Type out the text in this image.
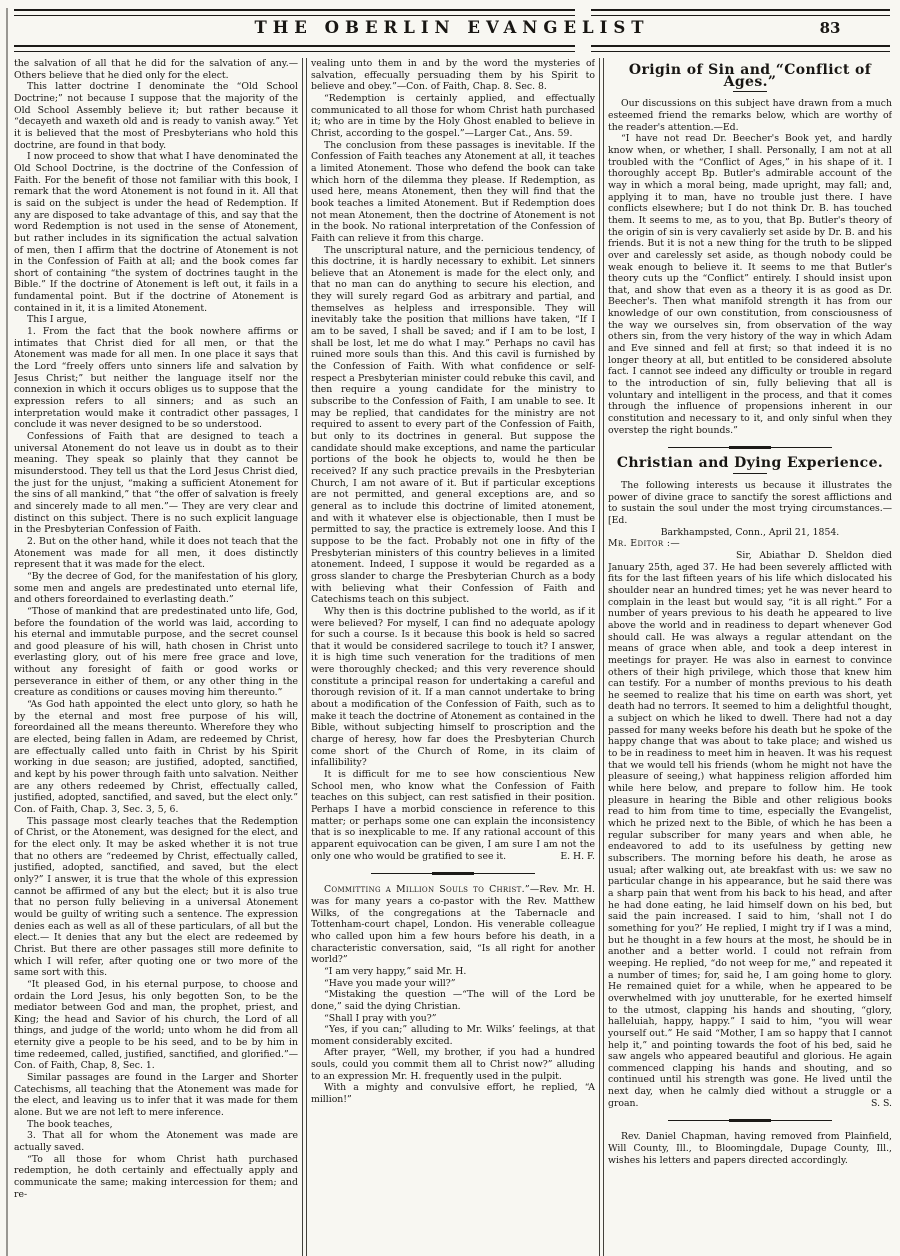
THE OBERLIN EVANGELIST	83

the salvation of all that he did for the salvation of any.— Others believe that he died only for the elect.

This latter doctrine I denominate the “Old School Doctrine;” not because I suppose that the majority of the Old School Assembly believe it; but rather because it “decayeth and waxeth old and is ready to vanish away.” Yet it is believed that the most of Presbyterians who hold this doctrine, are found in that body.

I now proceed to show that what I have denominated the Old School Doctrine, is the doctrine of the Confession of Faith. For the benefit of those not familiar with this book, I remark that the word Atonement is not found in it. All that is said on the subject is under the head of Redemption. If any are disposed to take advantage of this, and say that the word Redemption is not used in the sense of Atonement, but rather includes in its signification the actual salvation of men, then I affirm that the doctrine of Atonement is not in the Confession of Faith at all; and the book comes far short of containing “the system of doctrines taught in the Bible.” If the doctrine of Atonement is left out, it fails in a fundamental point. But if the doctrine of Atonement is contained in it, it is a limited Atonement.

This I argue,

1. From the fact that the book nowhere affirms or intimates that Christ died for all men, or that the Atonement was made for all men. In one place it says that the Lord “freely offers unto sinners life and salvation by Jesus Christ;” but neither the language itself nor the connexion in which it occurs obliges us to suppose that the expression refers to all sinners; and as such an interpretation would make it contradict other passages, I conclude it was never designed to be so understood.

Confessions of Faith that are designed to teach a universal Atonement do not leave us in doubt as to their meaning. They speak so plainly that they cannot be misunderstood. They tell us that the Lord Jesus Christ died, the just for the unjust, “making a sufficient Atonement for the sins of all mankind,” that “the offer of salvation is freely and sincerely made to all men.”— They are very clear and distinct on this subject. There is no such explicit language in the Presbyterian Confession of Faith.

2. But on the other hand, while it does not teach that the Atonement was made for all men, it does distinctly represent that it was made for the elect.

“By the decree of God, for the manifestation of his glory, some men and angels are predestinated unto eternal life, and others foreordained to everlasting death.”

“Those of mankind that are predestinated unto life, God, before the foundation of the world was laid, according to his eternal and immutable purpose, and the secret counsel and good pleasure of his will, hath chosen in Christ unto everlasting glory, out of his mere free grace and love, without any foresight of faith or good works or perseverance in either of them, or any other thing in the creature as conditions or causes moving him thereunto.”

“As God hath appointed the elect unto glory, so hath he by the eternal and most free purpose of his will, foreordained all the means thereunto. Wherefore they who are elected, being fallen in Adam, are redeemed by Christ, are effectually called unto faith in Christ by his Spirit working in due season; are justified, adopted, sanctified, and kept by his power through faith unto salvation. Neither are any others redeemed by Christ, effectually called, justified, adopted, sanctified, and saved, but the elect only.” Con. of Faith, Chap. 3, Sec. 3, 5, 6.

This passage most clearly teaches that the Redemption of Christ, or the Atonement, was designed for the elect, and for the elect only. It may be asked whether it is not true that no others are “redeemed by Christ, effectually called, justified, adopted, sanctified, and saved, but the elect only?” I answer, it is true that the whole of this expression cannot be affirmed of any but the elect; but it is also true that no person fully believing in a universal Atonement would be guilty of writing such a sentence. The expression denies each as well as all of these particulars, of all but the elect.— It denies that any but the elect are redeemed by Christ. But there are other passages still more definite to which I will refer, after quoting one or two more of the same sort with this.

“It pleased God, in his eternal purpose, to choose and ordain the Lord Jesus, his only begotten Son, to be the mediator between God and man, the prophet, priest, and King; the head and Savior of his church, the Lord of all things, and judge of the world; unto whom he did from all eternity give a people to be his seed, and to be by him in time redeemed, called, justified, sanctified, and glorified.”—Con. of Faith, Chap, 8, Sec. 1.

Similar passages are found in the Larger and Shorter Catechisms, all teaching that the Atonement was made for the elect, and leaving us to infer that it was made for them alone. But we are not left to mere inference.

The book teaches,

3. That all for whom the Atonement was made are actually saved.

“To all those for whom Christ hath purchased redemption, he doth certainly and effectually apply and communicate the same; making intercession for them; and re-

vealing unto them in and by the word the mysteries of salvation, effecually persuading them by his Spirit to believe and obey.”—Con. of Faith, Chap. 8. Sec. 8.

“Redemption is certainly applied, and effectually communicated to all those for whom Christ hath purchased it; who are in time by the Holy Ghost enabled to believe in Christ, according to the gospel.”—Larger Cat., Ans. 59.

The conclusion from these passages is inevitable. If the Confession of Faith teaches any Atonement at all, it teaches a limited Atonement. Those who defend the book can take which horn of the dilemma they please. If Redemption, as used here, means Atonement, then they will find that the book teaches a limited Atonement. But if Redemption does not mean Atonement, then the doctrine of Atonement is not in the book. No rational interpretation of the Confession of Faith can relieve it from this charge.

The unscriptural nature, and the pernicious tendency, of this doctrine, it is hardly necessary to exhibit. Let sinners believe that an Atonement is made for the elect only, and that no man can do anything to secure his election, and they will surely regard God as arbitrary and partial, and themselves as helpless and irresponsible. They will inevitably take the position that millions have taken, “If I am to be saved, I shall be saved; and if I am to be lost, I shall be lost, let me do what I may.” Perhaps no cavil has ruined more souls than this. And this cavil is furnished by the Confession of Faith. With what confidence or self-respect a Presbyterian minister could rebuke this cavil, and then require a young candidate for the ministry to subscribe to the Confession of Faith, I am unable to see. It may be replied, that candidates for the ministry are not required to assent to every part of the Confession of Faith, but only to its doctrines in general. But suppose the candidate should make exceptions, and name the particular portions of the book he objects to, would he then be received? If any such practice prevails in the Presbyterian Church, I am not aware of it. But if particular exceptions are not permitted, and general exceptions are, and so general as to include this doctrine of limited atonement, and with it whatever else is objectionable, then I must be permitted to say, the practice is extremely loose. And this I suppose to be the fact. Probably not one in fifty of the Presbyterian ministers of this country believes in a limited atonement. Indeed, I suppose it would be regarded as a gross slander to charge the Presbyterian Church as a body with believing what their Confession of Faith and Catechisms teach on this subject.

Why then is this doctrine published to the world, as if it were believed? For myself, I can find no adequate apology for such a course. Is it because this book is held so sacred that it would be considered sacrilege to touch it? I answer, it is high time such veneration for the traditions of men were thoroughly checked; and this very reverence should constitute a principal reason for undertaking a careful and thorough revision of it. If a man cannot undertake to bring about a modification of the Confession of Faith, such as to make it teach the doctrine of Atonement as contained in the Bible, without subjecting himself to proscription and the charge of heresy, how far does the Presbyterian Church come short of the Church of Rome, in its claim of infallibility?

It is difficult for me to see how conscientious New School men, who know what the Confession of Faith teaches on this subject, can rest satisfied in their position. Perhaps I have a morbid conscience in reference to this matter; or perhaps some one can explain the inconsistency that is so inexplicable to me. If any rational account of this apparent equivocation can be given, I am sure I am not the only one who would be gratified to see it.	E. H. F.

Committing a Million Souls to Christ.”—Rev. Mr. H. was for many years a co-pastor with the Rev. Matthew Wilks, of the congregations at the Tabernacle and Tottenham-court chapel, London. His venerable colleague who called upon him a few hours before his death, in a characteristic conversation, said, “Is all right for another world?”

“I am very happy,” said Mr. H.

“Have you made your will?”

“Mistaking the question —“The will of the Lord be done,” said the dying Christian.

“Shall I pray with you?”

“Yes, if you can;” alluding to Mr. Wilks’ feelings, at that moment considerably excited.

After prayer, “Well, my brother, if you had a hundred souls, could you commit them all to Christ now?” alluding to an expression Mr. H. frequently used in the pulpit.

With a mighty and convulsive effort, he replied, “A million!”

Origin of Sin and “Conflict of Ages.”

Our discussions on this subject have drawn from a much esteemed friend the remarks below, which are worthy of the reader's attention.—Ed.

“I have not read Dr. Beecher's Book yet, and hardly know when, or whether, I shall. Personally, I am not at all troubled with the “Conflict of Ages,” in his shape of it. I thoroughly accept Bp. Butler's admirable account of the way in which a moral being, made upright, may fall; and, applying it to man, have no trouble just there. I have conflicts elsewhere; but I do not think Dr. B. has touched them. It seems to me, as to you, that Bp. Butler's theory of the origin of sin is very cavalierly set aside by Dr. B. and his friends. But it is not a new thing for the truth to be slipped over and carelessly set aside, as though nobody could be weak enough to believe it. It seems to me that Butler's theory cuts up the “Conflict” entirely. I should insist upon that, and show that even as a theory it is as good as Dr. Beecher's. Then what manifold strength it has from our knowledge of our own constitution, from consciousness of the way we ourselves sin, from observation of the way others sin, from the very history of the way in which Adam and Eve sinned and fell at first; so that indeed it is no longer theory at all, but entitled to be considered absolute fact. I cannot see indeed any difficulty or trouble in regard to the introduction of sin, fully believing that all is voluntary and intelligent in the process, and that it comes through the influence of propensions inherent in our constitution and necessary to it, and only sinful when they overstep the right bounds.”

Christian and Dying Experience.

The following interests us because it illustrates the power of divine grace to sanctify the sorest afflictions and to sustain the soul under the most trying circumstances.—[Ed.

Barkhampsted, Conn., April 21, 1854.

Mr. Editor :—

Sir, Abiathar D. Sheldon died January 25th, aged 37. He had been severely afflicted with fits for the last fifteen years of his life which dislocated his shoulder near an hundred times; yet he was never heard to complain in the least but would say, “it is all right.” For a number of years previous to his death he appeared to live above the world and in readiness to depart whenever God should call. He was always a regular attendant on the means of grace when able, and took a deep interest in meetings for prayer. He was also in earnest to convince others of their high privilege, which those that knew him can testify. For a number of months previous to his death he seemed to realize that his time on earth was short, yet death had no terrors. It seemed to him a delightful thought, a subject on which he liked to dwell. There had not a day passed for many weeks before his death but he spoke of the happy change that was about to take place; and wished us to be in readiness to meet him in heaven. It was his request that we would tell his friends (whom he might not have the pleasure of seeing,) what happiness religion afforded him while here below, and prepare to follow him. He took pleasure in hearing the Bible and other religious books read to him from time to time, especially the Evangelist, which he prized next to the Bible, of which he has been a regular subscriber for many years and when able, he endeavored to add to its usefulness by getting new subscribers. The morning before his death, he arose as usual; after walking out, ate breakfast with us: we saw no particular change in his appearance, but he said there was a sharp pain that went from his back to his head, and after he had done eating, he laid himself down on his bed, but said the pain increased. I said to him, ‘shall not I do something for you?’ He replied, I might try if I was a mind, but he thought in a few hours at the most, he should be in another and a better world. I could not refrain from weeping. He replied, “do not weep for me,” and repeated it a number of times; for, said he, I am going home to glory. He remained quiet for a while, when he appeared to be overwhelmed with joy unutterable, for he exerted himself to the utmost, clapping his hands and shouting, “glory, halleluiah, happy, happy.” I said to him, “you will wear yourself out.” He said “Mother, I am so happy that I cannot help it,” and pointing towards the foot of his bed, said he saw angels who appeared beautiful and glorious. He again commenced clapping his hands and shouting, and so continued until his strength was gone. He lived until the next day, when he calmly died without a struggle or a groan.	S. S.

Rev. Daniel Chapman, having removed from Plainfield, Will County, Ill., to Bloomingdale, Dupage County, Ill., wishes his letters and papers directed accordingly.
